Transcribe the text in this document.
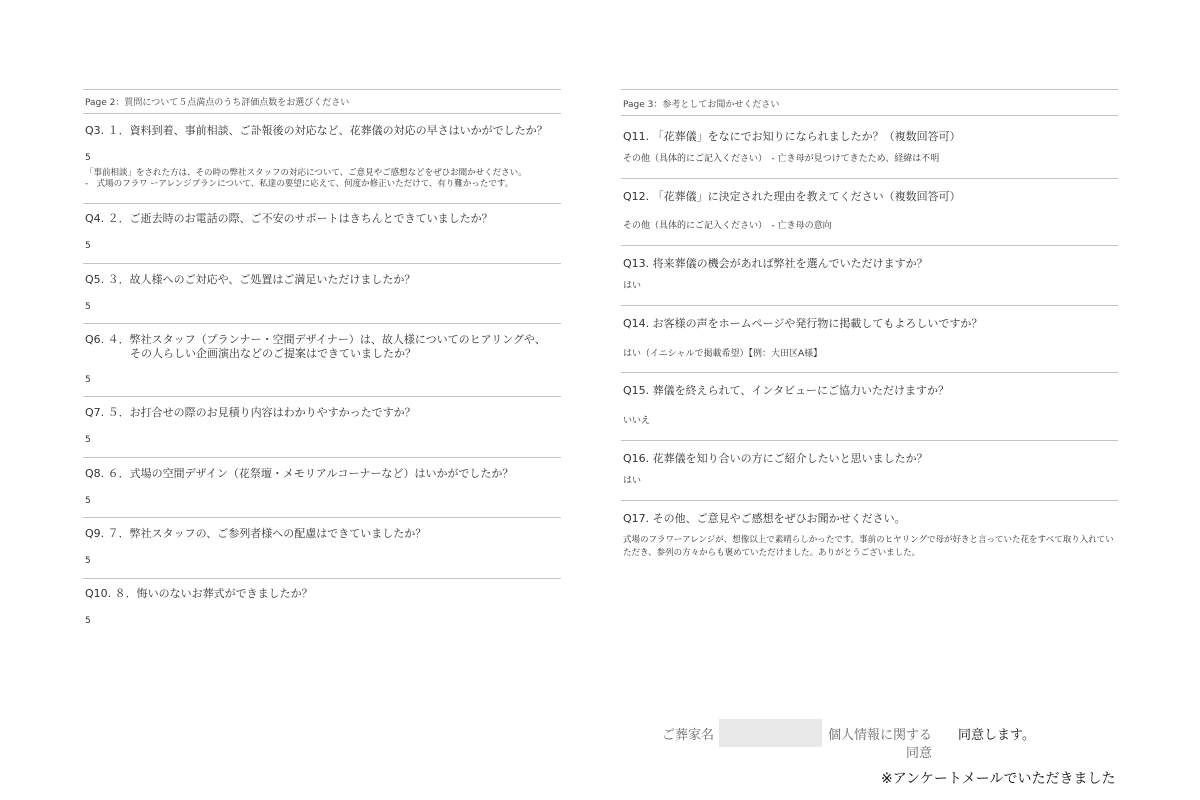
Page 2：質問について５点満点のうち評価点数をお選びください
Q3. １．資料到着、事前相談、ご訃報後の対応など、花葬儀の対応の早さはいかがでしたか？
5
「事前相談」をされた方は、その時の弊社スタッフの対応について、ご意見やご感想などをぜひお聞かせください。
-　式場のフラワ ーアレンジプランについて、私達の要望に応えて、何度か修正いただけて、有り難かったです。
Q4. ２．ご逝去時のお電話の際、ご不安のサポートはきちんとできていましたか？
5
Q5. ３．故人様へのご対応や、ご処置はご満足いただけましたか？
5
Q6. ４．弊社スタッフ（プランナー・空間デザイナー）は、故人様についてのヒアリングや、
その人らしい企画演出などのご提案はできていましたか？
5
Q7. ５．お打合せの際のお見積り内容はわかりやすかったですか？
5
Q8. ６．式場の空間デザイン（花祭壇・メモリアルコーナーなど）はいかがでしたか？
5
Q9. ７．弊社スタッフの、ご参列者様への配慮はできていましたか？
5
Q10. ８．悔いのないお葬式ができましたか？
5
Page 3：参考としてお聞かせください
Q11. 「花葬儀」をなにでお知りになられましたか？（複数回答可）
その他（具体的にご記入ください）　- 亡き母が見つけてきたため、経緯は不明
Q12. 「花葬儀」に決定された理由を教えてください（複数回答可）
その他（具体的にご記入ください）　- 亡き母の意向
Q13. 将来葬儀の機会があれば弊社を選んでいただけますか？
はい
Q14. お客様の声をホームページや発行物に掲載してもよろしいですか？
はい（イニシャルで掲載希望）【例：大田区A様】
Q15. 葬儀を終えられて、インタビューにご協力いただけますか？
いいえ
Q16. 花葬儀を知り合いの方にご紹介したいと思いましたか？
はい
Q17. その他、ご意見やご感想をぜひお聞かせください。
式場のフラワーアレンジが、想像以上で素晴らしかったです。事前のヒヤリングで母が好きと言っていた花をすべて取り入れていただき、参列の方々からも褒めていただけました。ありがとうございました。
ご葬家名	個人情報に関する
同意
同意します。
※アンケートメールでいただきました
